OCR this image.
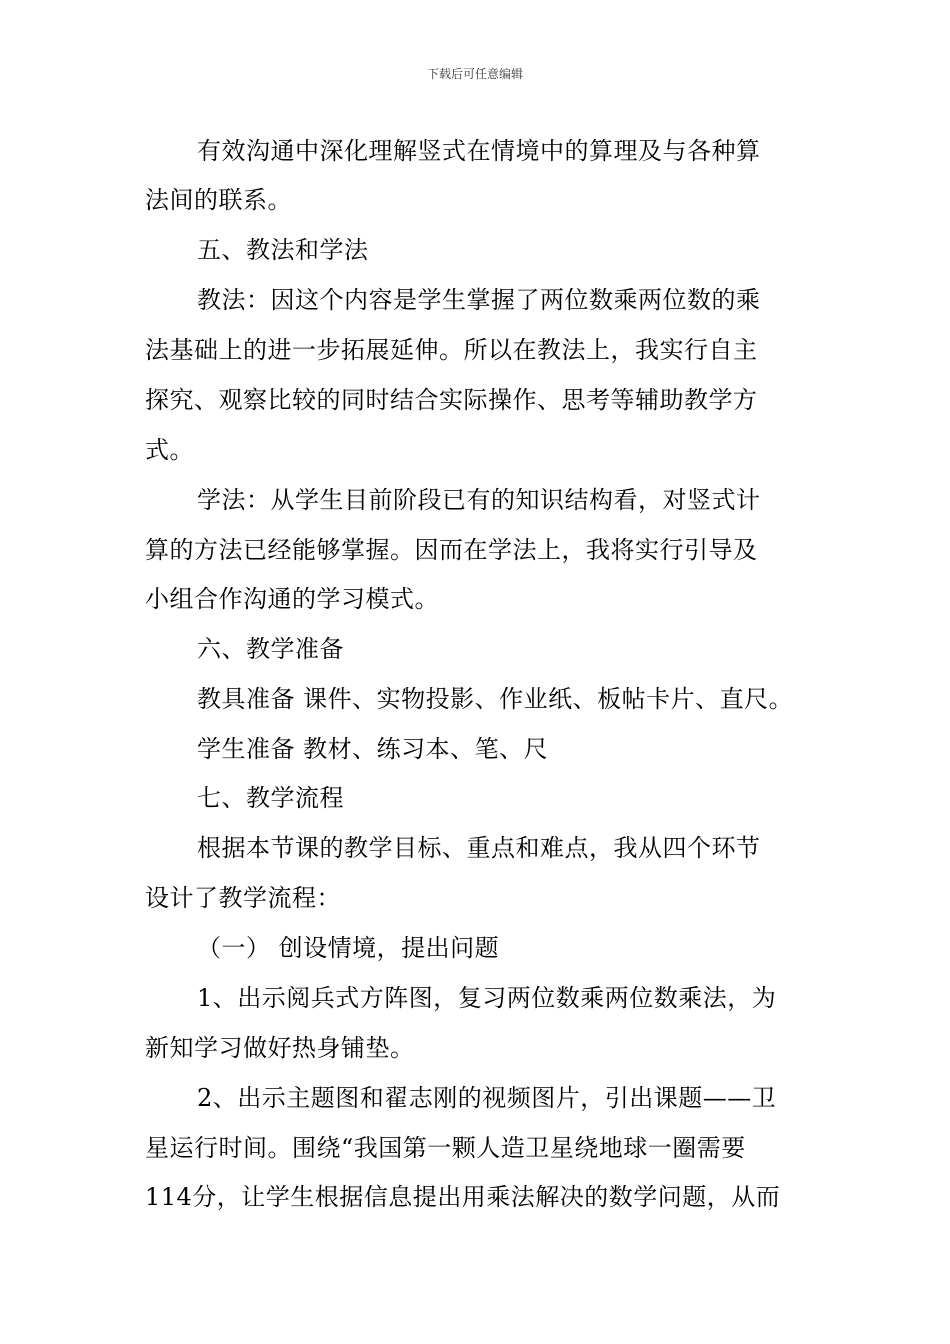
下载后可任意编辑
有效沟通中深化理解竖式在情境中的算理及与各种算
法间的联系。
五、教法和学法
教法：因这个内容是学生掌握了两位数乘两位数的乘
法基础上的进一步拓展延伸。所以在教法上，我实行自主
探究、观察比较的同时结合实际操作、思考等辅助教学方
式。
学法：从学生目前阶段已有的知识结构看，对竖式计
算的方法已经能够掌握。因而在学法上，我将实行引导及
小组合作沟通的学习模式。
六、教学准备
教具准备 课件、实物投影、作业纸、板帖卡片、直尺。
学生准备 教材、练习本、笔、尺
七、教学流程
根据本节课的教学目标、重点和难点，我从四个环节
设计了教学流程：
（一） 创设情境，提出问题
1、出示阅兵式方阵图，复习两位数乘两位数乘法，为
新知学习做好热身铺垫。
2、出示主题图和翟志刚的视频图片，引出课题——卫
星运行时间。围绕“我国第一颗人造卫星绕地球一圈需要
114分，让学生根据信息提出用乘法解决的数学问题，从而
